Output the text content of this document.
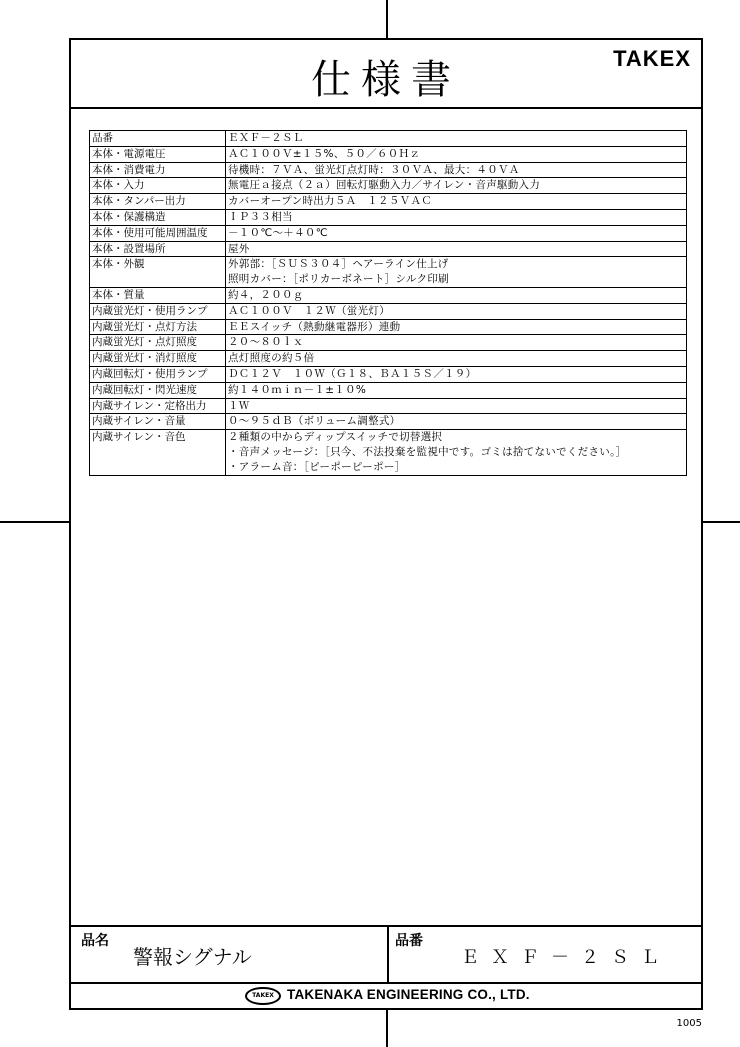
仕様書	TAKEX
品番	ＥＸＦ－２ＳＬ

本体・電源電圧	ＡＣ１００Ｖ±１５%、５０／６０Ｈｚ

本体・消費電力	待機時：７ＶＡ、蛍光灯点灯時：３０ＶＡ、最大：４０ＶＡ

本体・入力	無電圧ａ接点（２ａ）回転灯駆動入力／サイレン・音声駆動入力

本体・タンパー出力	カバーオープン時出力５Ａ　１２５ＶＡＣ

本体・保護構造	ＩＰ３３相当

本体・使用可能周囲温度	－１０℃～＋４０℃

本体・設置場所	屋外

本体・外観	外郭部：［ＳＵＳ３０４］ヘアーライン仕上げ
照明カバー：［ポリカーボネート］シルク印刷

本体・質量	約４，２００ｇ

内蔵蛍光灯・使用ランプ	ＡＣ１００Ｖ　１２Ｗ（蛍光灯）

内蔵蛍光灯・点灯方法	ＥＥスイッチ（熱動継電器形）連動

内蔵蛍光灯・点灯照度	２０～８０ｌｘ

内蔵蛍光灯・消灯照度	点灯照度の約５倍

内蔵回転灯・使用ランプ	ＤＣ１２Ｖ　１０Ｗ（Ｇ１８、ＢＡ１５Ｓ／１９）

内蔵回転灯・閃光速度	約１４０ｍｉｎ－１±１０%

内蔵サイレン・定格出力	１Ｗ

内蔵サイレン・音量	０～９５ｄＢ（ボリューム調整式）

内蔵サイレン・音色	２種類の中からディップスイッチで切替選択
・音声メッセージ：［只今、不法投棄を監視中です。ゴミは捨てないでください。］
・アラーム音：［ピーポーピーポー］
品名
警報シグナル
品番
ＥＸＦ－２ＳＬ
TAKEX TAKENAKA ENGINEERING CO., LTD.
1005
